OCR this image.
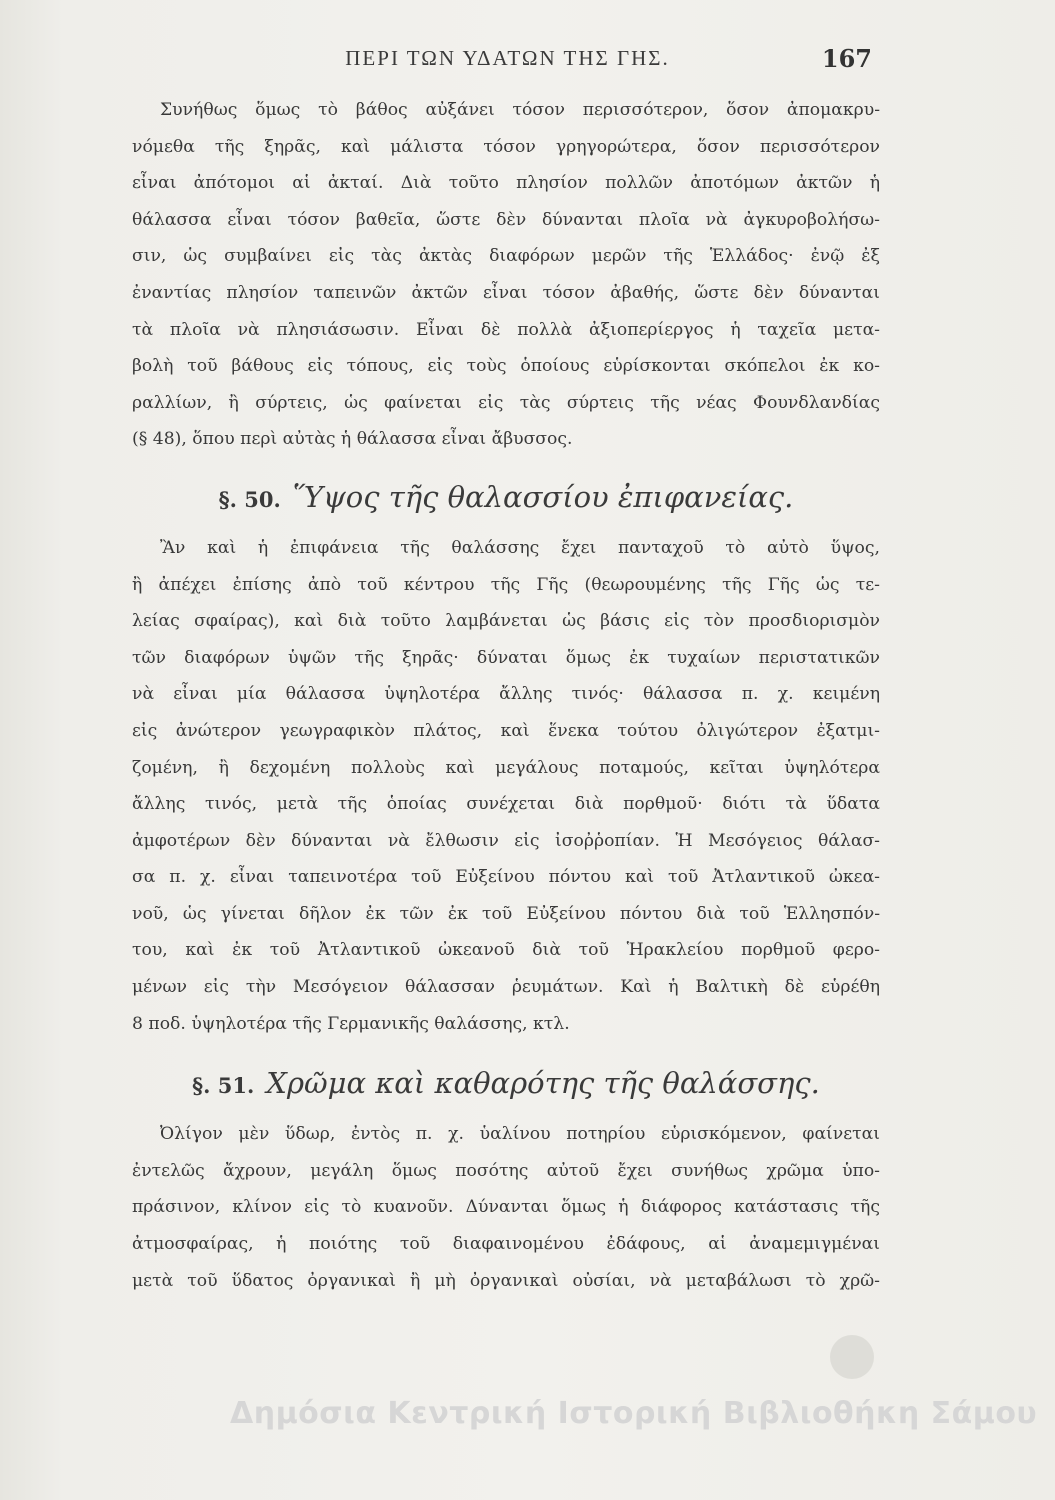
ΠΕΡΙ ΤΩΝ ΥΔΑΤΩΝ ΤΗΣ ΓΗΣ.	167

Συνήθως ὅμως τὸ βάθος αὐξάνει τόσον περισσότερον, ὅσον ἀπομακρυ-

νόμεθα τῆς ξηρᾶς, καὶ μάλιστα τόσον γρηγορώτερα, ὅσον περισσότερον

εἶναι ἀπότομοι αἱ ἀκταί. Διὰ τοῦτο πλησίον πολλῶν ἀποτόμων ἀκτῶν ἡ

θάλασσα εἶναι τόσον βαθεῖα, ὥστε δὲν δύνανται πλοῖα νὰ ἀγκυροβολήσω-

σιν, ὡς συμβαίνει εἰς τὰς ἀκτὰς διαφόρων μερῶν τῆς Ἑλλάδος· ἐνῷ ἐξ

ἐναντίας πλησίον ταπεινῶν ἀκτῶν εἶναι τόσον ἀβαθής, ὥστε δὲν δύνανται

τὰ πλοῖα νὰ πλησιάσωσιν. Εἶναι δὲ πολλὰ ἀξιοπερίεργος ἡ ταχεῖα μετα-

βολὴ τοῦ βάθους εἰς τόπους, εἰς τοὺς ὁποίους εὑρίσκονται σκόπελοι ἐκ κο-

ραλλίων, ἢ σύρτεις, ὡς φαίνεται εἰς τὰς σύρτεις τῆς νέας Φουνδλανδίας

(§ 48), ὅπου περὶ αὐτὰς ἡ θάλασσα εἶναι ἄβυσσος.

§. 50. Ὕψος τῆς θαλασσίου ἐπιφανείας.

Ἂν καὶ ἡ ἐπιφάνεια τῆς θαλάσσης ἔχει πανταχοῦ τὸ αὐτὸ ὕψος,

ἢ ἀπέχει ἐπίσης ἀπὸ τοῦ κέντρου τῆς Γῆς (θεωρουμένης τῆς Γῆς ὡς τε-

λείας σφαίρας), καὶ διὰ τοῦτο λαμβάνεται ὡς βάσις εἰς τὸν προσδιορισμὸν

τῶν διαφόρων ὑψῶν τῆς ξηρᾶς· δύναται ὅμως ἐκ τυχαίων περιστατικῶν

νὰ εἶναι μία θάλασσα ὑψηλοτέρα ἄλλης τινός· θάλασσα π. χ. κειμένη

εἰς ἀνώτερον γεωγραφικὸν πλάτος, καὶ ἕνεκα τούτου ὀλιγώτερον ἐξατμι-

ζομένη, ἢ δεχομένη πολλοὺς καὶ μεγάλους ποταμούς, κεῖται ὑψηλότερα

ἄλλης τινός, μετὰ τῆς ὁποίας συνέχεται διὰ πορθμοῦ· διότι τὰ ὕδατα

ἀμφοτέρων δὲν δύνανται νὰ ἔλθωσιν εἰς ἰσοῤῥοπίαν. Ἡ Μεσόγειος θάλασ-

σα π. χ. εἶναι ταπεινοτέρα τοῦ Εὐξείνου πόντου καὶ τοῦ Ἀτλαντικοῦ ὠκεα-

νοῦ, ὡς γίνεται δῆλον ἐκ τῶν ἐκ τοῦ Εὐξείνου πόντου διὰ τοῦ Ἑλλησπόν-

του, καὶ ἐκ τοῦ Ἀτλαντικοῦ ὠκεανοῦ διὰ τοῦ Ἡρακλείου πορθμοῦ φερο-

μένων εἰς τὴν Μεσόγειον θάλασσαν ῥευμάτων. Καὶ ἡ Βαλτικὴ δὲ εὑρέθη

8 ποδ. ὑψηλοτέρα τῆς Γερμανικῆς θαλάσσης, κτλ.

§. 51. Χρῶμα καὶ καθαρότης τῆς θαλάσσης.

Ὀλίγον μὲν ὕδωρ, ἐντὸς π. χ. ὑαλίνου ποτηρίου εὑρισκόμενον, φαίνεται

ἐντελῶς ἄχρουν, μεγάλη ὅμως ποσότης αὐτοῦ ἔχει συνήθως χρῶμα ὑπο-

πράσινον, κλίνον εἰς τὸ κυανοῦν. Δύνανται ὅμως ἡ διάφορος κατάστασις τῆς

ἀτμοσφαίρας, ἡ ποιότης τοῦ διαφαινομένου ἐδάφους, αἱ ἀναμεμιγμέναι

μετὰ τοῦ ὕδατος ὀργανικαὶ ἢ μὴ ὀργανικαὶ οὐσίαι, νὰ μεταβάλωσι τὸ χρῶ-

Δημόσια Κεντρική Ιστορική Βιβλιοθήκη Σάμου
